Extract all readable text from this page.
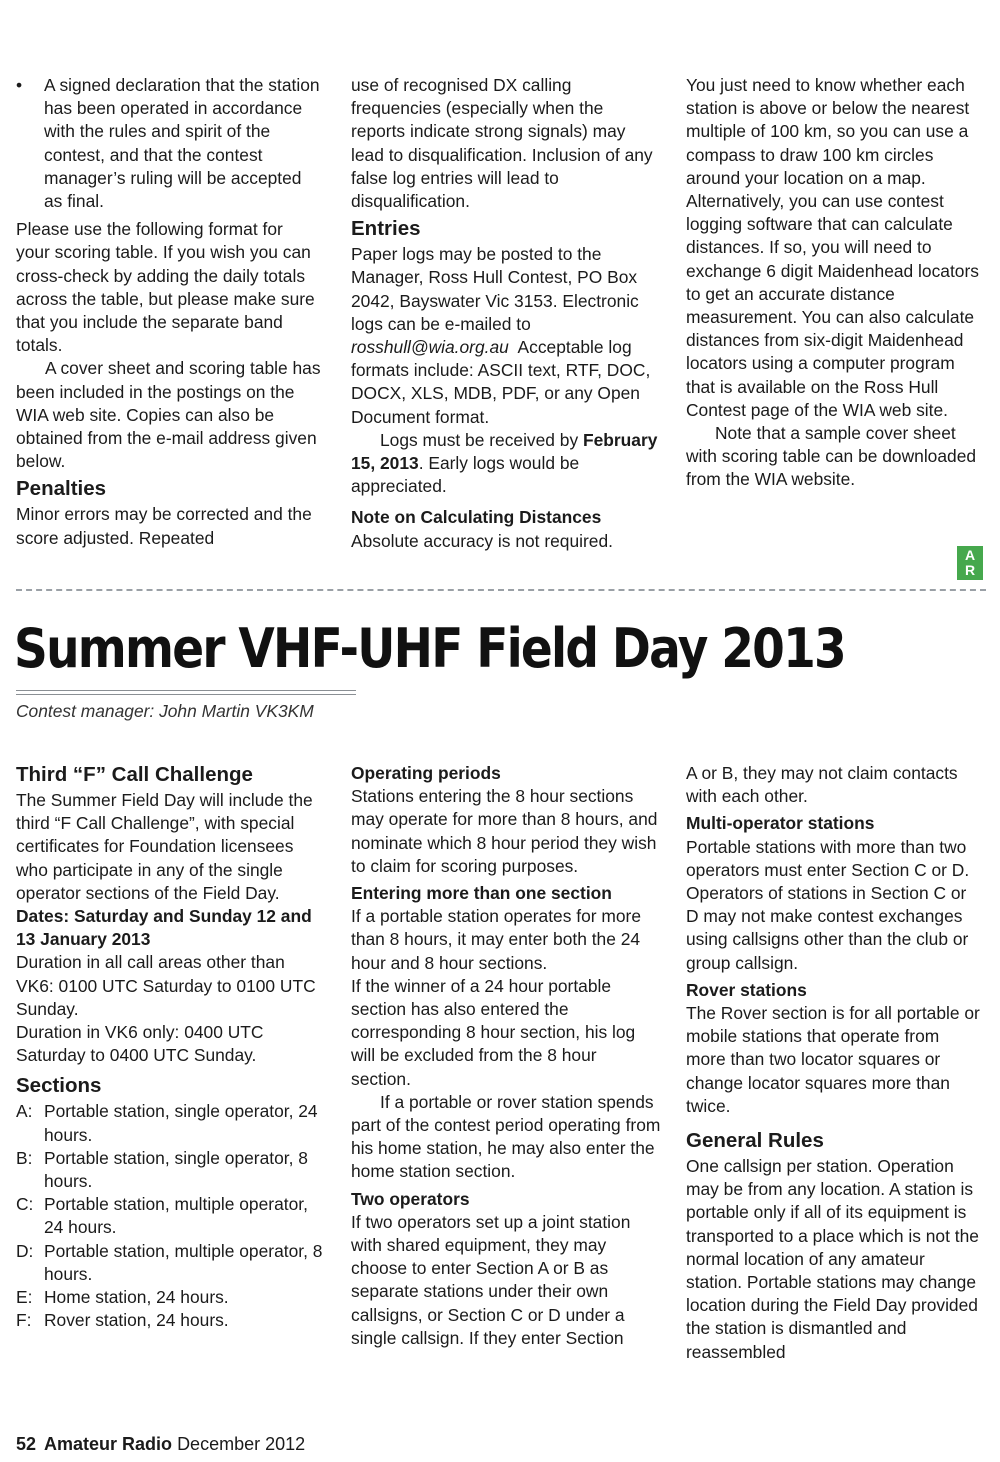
•	A signed declaration that the station has been operated in accordance with the rules and spirit of the contest, and that the contest manager’s ruling will be accepted as final.

Please use the following format for your scoring table. If you wish you can cross-check by adding the daily totals across the table, but please make sure that you include the separate band totals.

A cover sheet and scoring table has been included in the postings on the WIA web site. Copies can also be obtained from the e-mail address given below.

Penalties

Minor errors may be corrected and the score adjusted. Repeated

use of recognised DX calling frequencies (especially when the reports indicate strong signals) may lead to disqualification. Inclusion of any false log entries will lead to disqualification.

Entries

Paper logs may be posted to the Manager, Ross Hull Contest, PO Box 2042, Bayswater Vic 3153. Electronic logs can be e-mailed to rosshull@wia.org.au  Acceptable log formats include: ASCII text, RTF, DOC, DOCX, XLS, MDB, PDF, or any Open Document format.

Logs must be received by February 15, 2013. Early logs would be appreciated.

Note on Calculating Distances

Absolute accuracy is not required.

You just need to know whether each station is above or below the nearest multiple of 100 km, so you can use a compass to draw 100 km circles around your location on a map. Alternatively, you can use contest logging software that can calculate distances. If so, you will need to exchange 6 digit Maidenhead locators to get an accurate distance measurement. You can also calculate distances from six-digit Maidenhead locators using a computer program that is available on the Ross Hull Contest page of the WIA web site.

Note that a sample cover sheet with scoring table can be downloaded from the WIA website.

A
R
Summer VHF-UHF Field Day 2013
Contest manager: John Martin VK3KM
Third “F” Call Challenge

The Summer Field Day will include the third “F Call Challenge”, with special certificates for Foundation licensees who participate in any of the single operator sections of the Field Day.

Dates: Saturday and Sunday 12 and 13 January 2013

Duration in all call areas other than VK6: 0100 UTC Saturday to 0100 UTC Sunday.

Duration in VK6 only: 0400 UTC Saturday to 0400 UTC Sunday.

Sections
A: Portable station, single operator, 24 hours.
B: Portable station, single operator, 8 hours.
C: Portable station, multiple operator, 24 hours.
D: Portable station, multiple operator, 8 hours.
E: Home station, 24 hours.
F: Rover station, 24 hours.
Operating periods

Stations entering the 8 hour sections may operate for more than 8 hours, and nominate which 8 hour period they wish to claim for scoring purposes.

Entering more than one section

If a portable station operates for more than 8 hours, it may enter both the 24 hour and 8 hour sections.

If the winner of a 24 hour portable section has also entered the corresponding 8 hour section, his log will be excluded from the 8 hour section.

If a portable or rover station spends part of the contest period operating from his home station, he may also enter the home station section.

Two operators

If two operators set up a joint station with shared equipment, they may choose to enter Section A or B as separate stations under their own callsigns, or Section C or D under a single callsign. If they enter Section

A or B, they may not claim contacts with each other.

Multi-operator stations

Portable stations with more than two operators must enter Section C or D. Operators of stations in Section C or D may not make contest exchanges using callsigns other than the club or group callsign.

Rover stations

The Rover section is for all portable or mobile stations that operate from more than two locator squares or change locator squares more than twice.

General Rules

One callsign per station. Operation may be from any location. A station is portable only if all of its equipment is transported to a place which is not the normal location of any amateur station. Portable stations may change location during the Field Day provided the station is dismantled and reassembled

52 Amateur Radio December 2012
